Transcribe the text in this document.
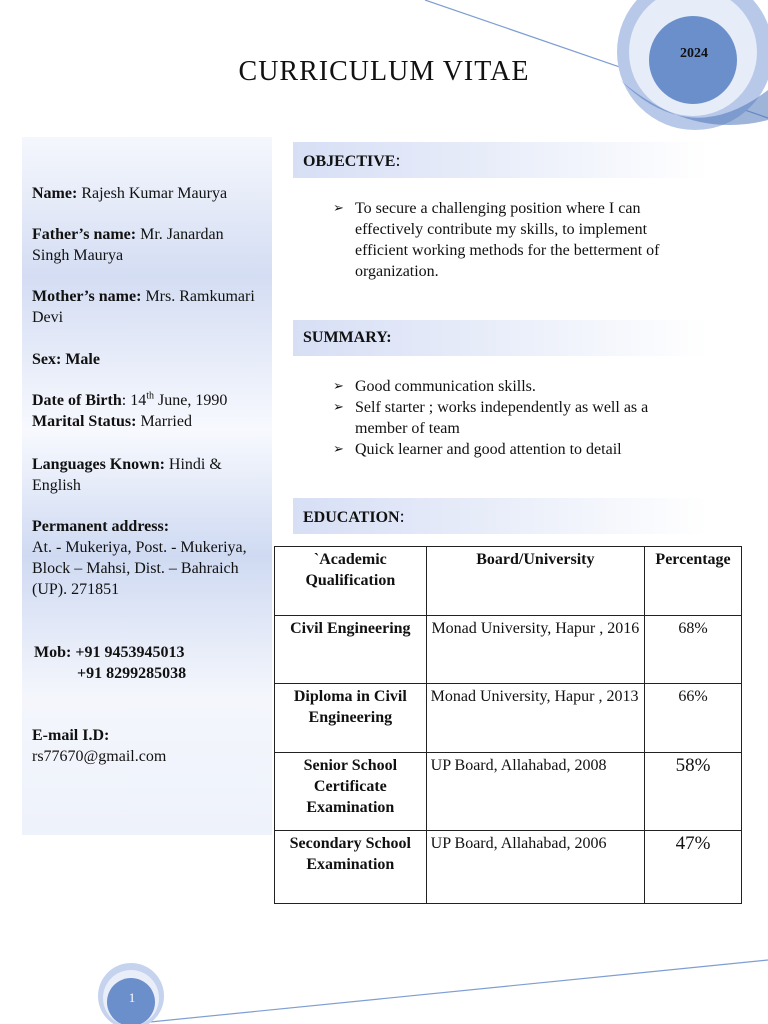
2024
CURRICULUM VITAE
Name: Rajesh Kumar Maurya
Father’s name: Mr. Janardan Singh Maurya
Mother’s name: Mrs. Ramkumari Devi
Sex: Male
Date of Birth: 14th June, 1990
Marital Status: Married
Languages Known: Hindi & English
Permanent address:
At. - Mukeriya, Post. - Mukeriya, Block – Mahsi, Dist. – Bahraich (UP). 271851
Mob: +91 9453945013
+91 8299285038
E-mail I.D:
rs77670@gmail.com
OBJECTIVE:
➢ To secure a challenging position where I can effectively contribute my skills, to implement efficient working methods for the betterment of organization.
SUMMARY:
➢ Good communication skills.
➢ Self starter ; works independently as well as a member of team
➢ Quick learner and good attention to detail
EDUCATION:
`Academic Qualification	Board/University	Percentage
Civil Engineering	Monad University, Hapur , 2016	68%
Diploma in Civil Engineering	Monad University, Hapur , 2013	66%
Senior School Certificate Examination	UP Board, Allahabad, 2008	58%
Secondary School Examination	UP Board, Allahabad, 2006	47%
1
